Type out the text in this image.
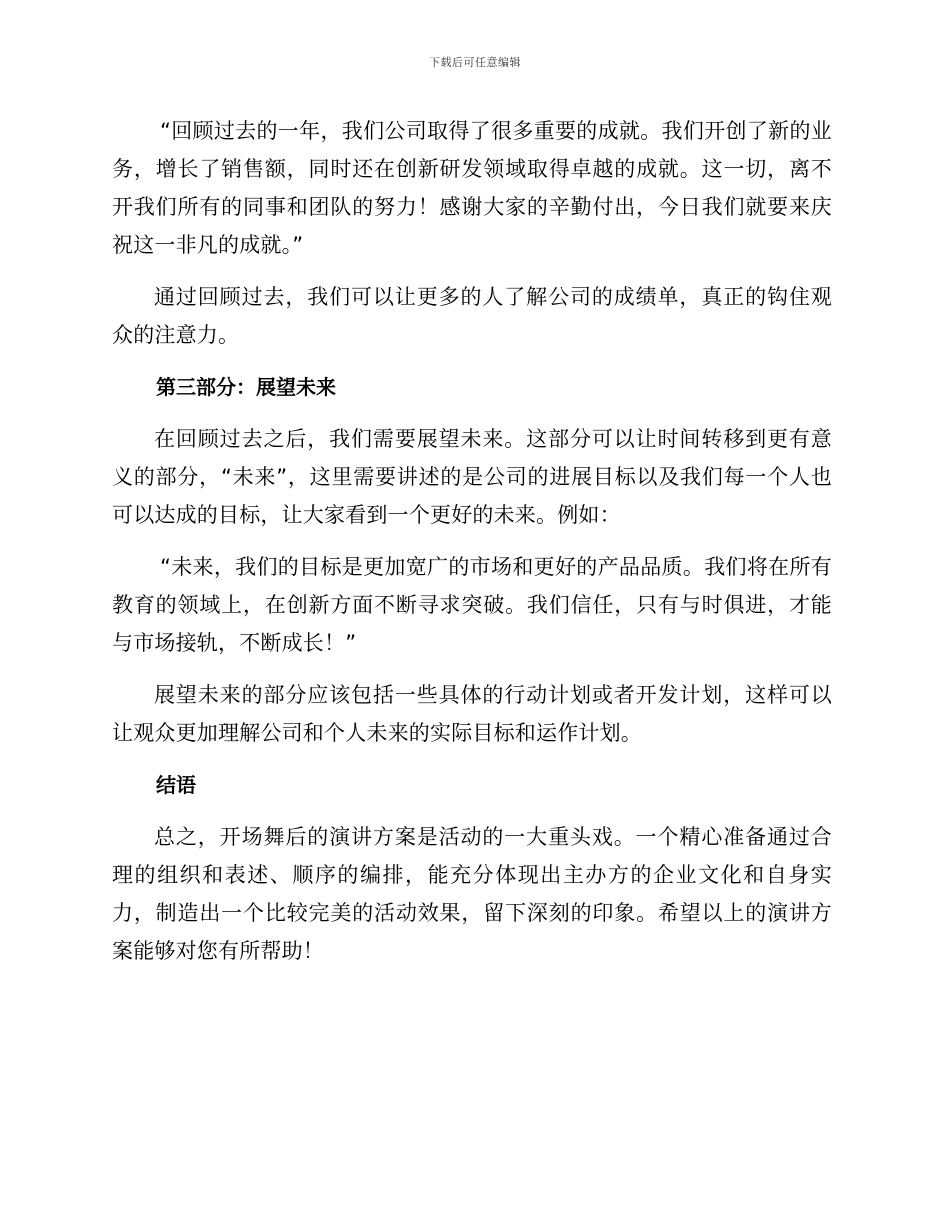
下载后可任意编辑

“回顾过去的一年，我们公司取得了很多重要的成就。我们开创了新的业务，增长了销售额，同时还在创新研发领域取得卓越的成就。这一切，离不开我们所有的同事和团队的努力！感谢大家的辛勤付出，今日我们就要来庆祝这一非凡的成就。”

通过回顾过去，我们可以让更多的人了解公司的成绩单，真正的钩住观众的注意力。

第三部分：展望未来

在回顾过去之后，我们需要展望未来。这部分可以让时间转移到更有意义的部分，“未来”，这里需要讲述的是公司的进展目标以及我们每一个人也可以达成的目标，让大家看到一个更好的未来。例如：

“未来，我们的目标是更加宽广的市场和更好的产品品质。我们将在所有教育的领域上，在创新方面不断寻求突破。我们信任，只有与时俱进，才能与市场接轨，不断成长！”

展望未来的部分应该包括一些具体的行动计划或者开发计划，这样可以让观众更加理解公司和个人未来的实际目标和运作计划。

结语

总之，开场舞后的演讲方案是活动的一大重头戏。一个精心准备通过合理的组织和表述、顺序的编排，能充分体现出主办方的企业文化和自身实力，制造出一个比较完美的活动效果，留下深刻的印象。希望以上的演讲方案能够对您有所帮助！
